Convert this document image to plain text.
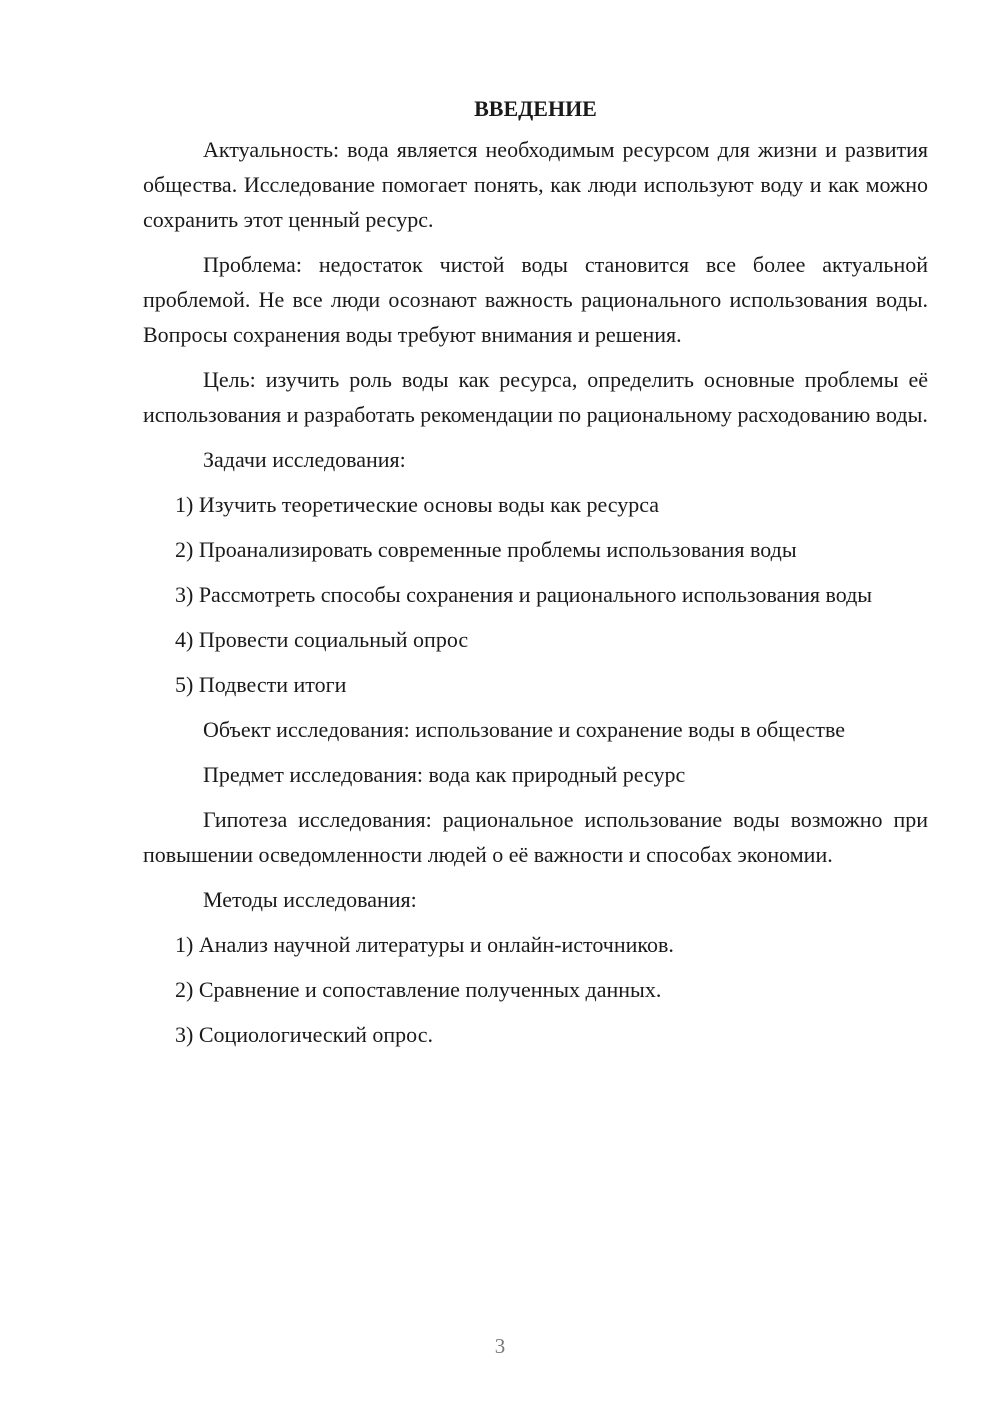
ВВЕДЕНИЕ

Актуальность: вода является необходимым ресурсом для жизни и развития общества. Исследование помогает понять, как люди используют воду и как можно сохранить этот ценный ресурс.

Проблема: недостаток чистой воды становится все более актуальной проблемой. Не все люди осознают важность рационального использования воды. Вопросы сохранения воды требуют внимания и решения.

Цель: изучить роль воды как ресурса, определить основные проблемы её использования и разработать рекомендации по рациональному расходованию воды.

Задачи исследования:

1) Изучить теоретические основы воды как ресурса

2) Проанализировать современные проблемы использования воды

3) Рассмотреть способы сохранения и рационального использования воды

4) Провести социальный опрос

5) Подвести итоги

Объект исследования: использование и сохранение воды в обществе

Предмет исследования: вода как природный ресурс

Гипотеза исследования: рациональное использование воды возможно при повышении осведомленности людей о её важности и способах экономии.

Методы исследования:

1) Анализ научной литературы и онлайн-источников.

2) Сравнение и сопоставление полученных данных.

3) Социологический опрос.

3
